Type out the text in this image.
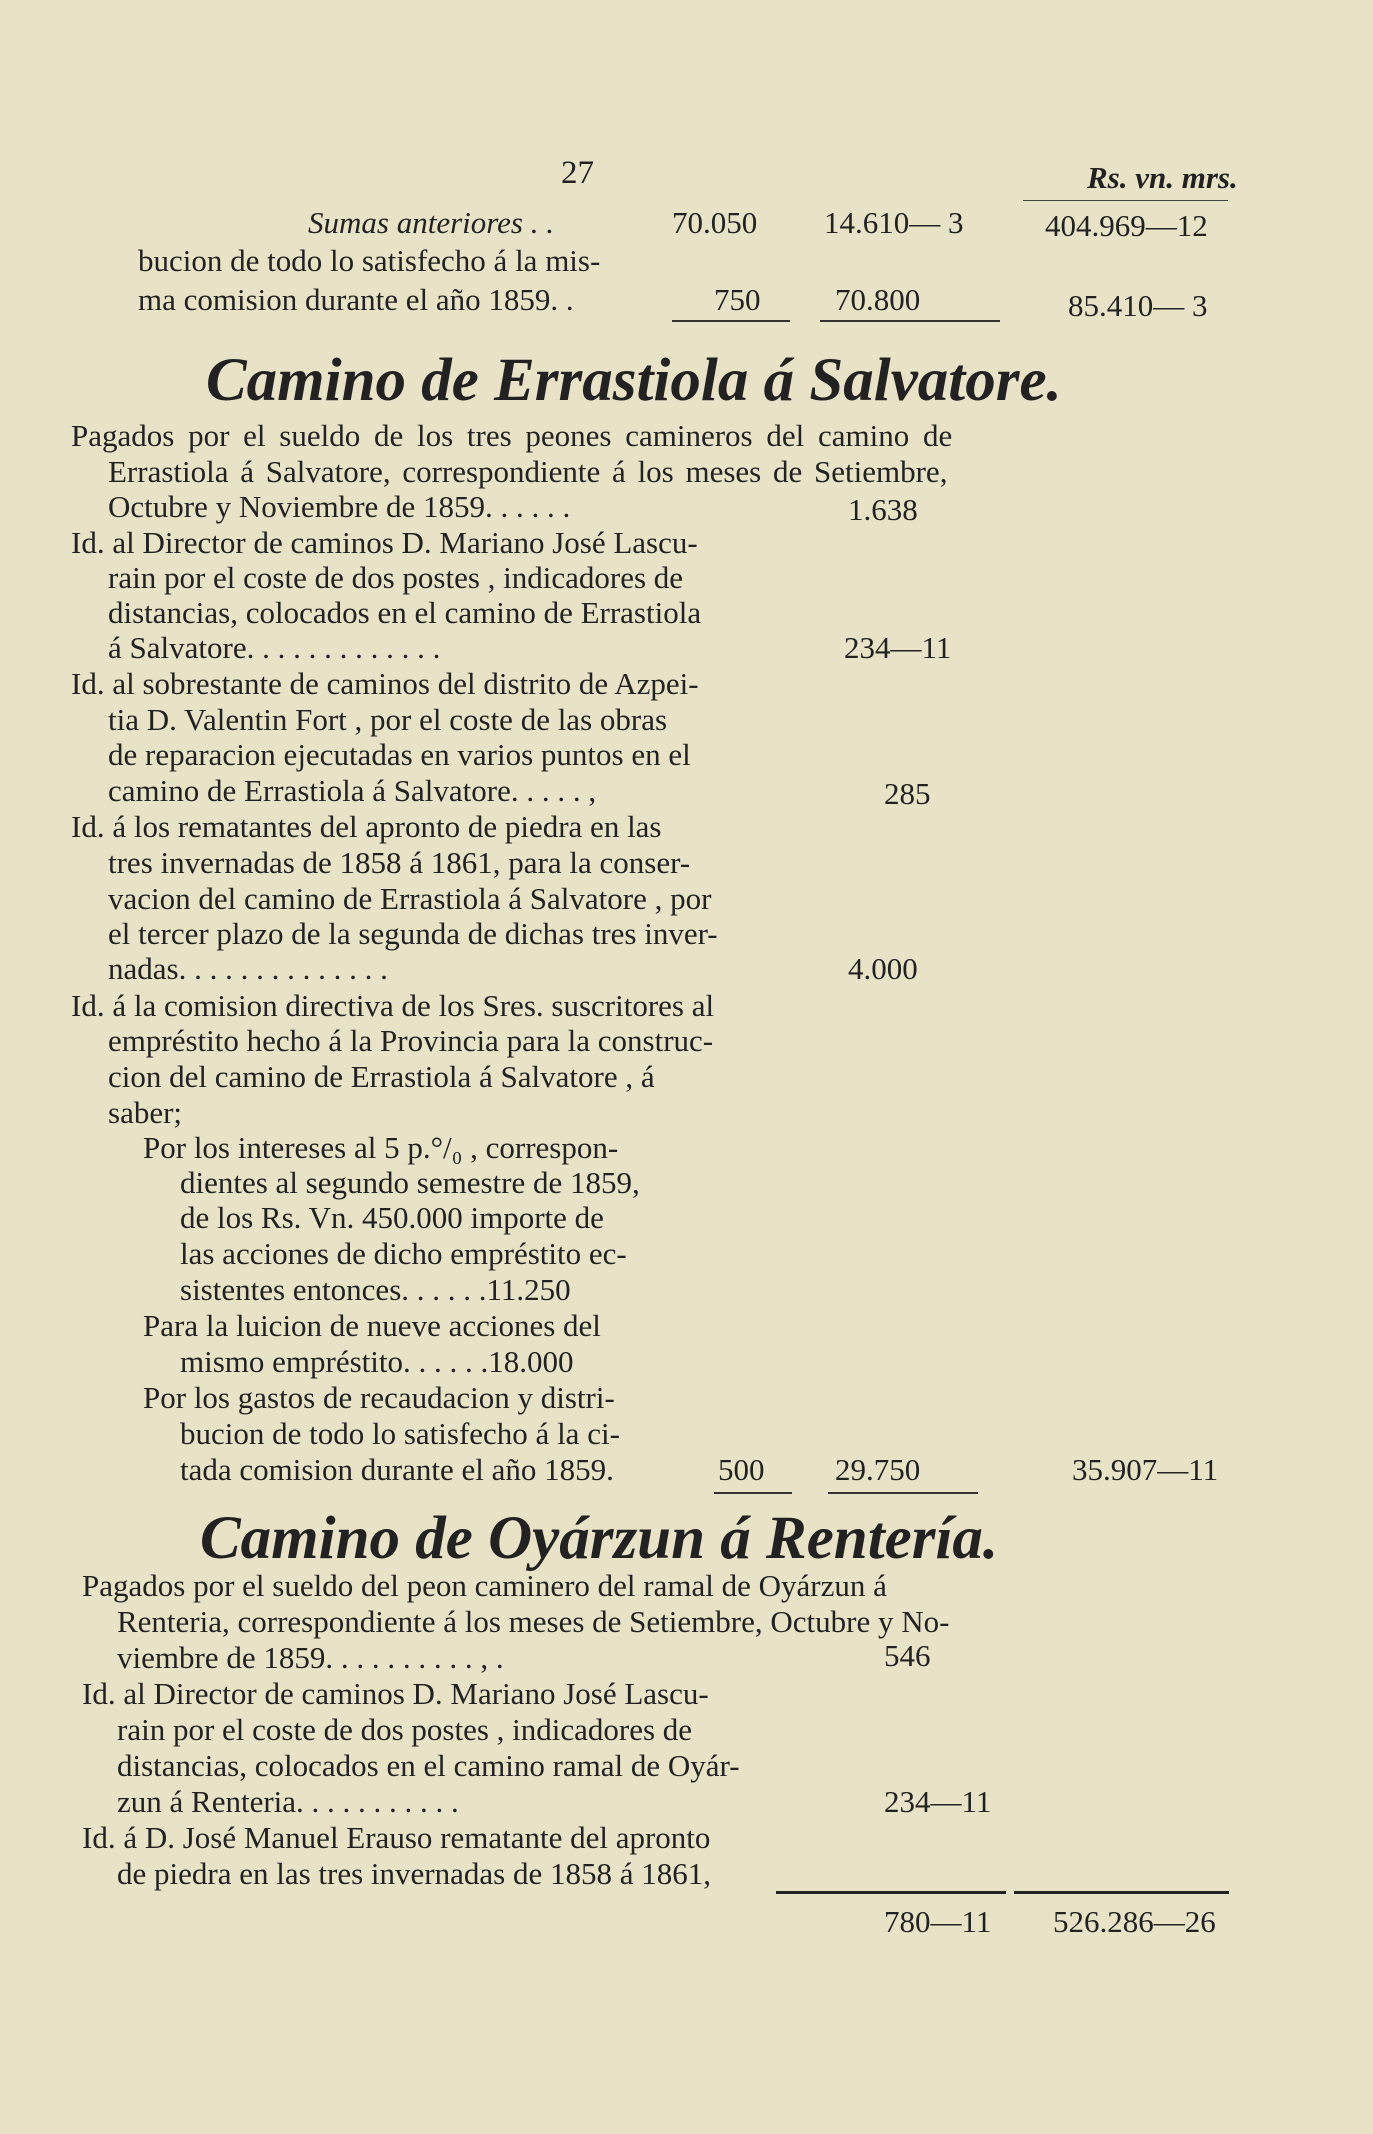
27	Rs. vn. mrs.
Sumas anteriores . .	70.050 14.610— 3	404.969—12
bucion de todo lo satisfecho á la mis-
ma comision durante el año 1859. .	750 70.800	85.410— 3
Camino de Errastiola á Salvatore.
Pagados por el sueldo de los tres peones camineros del camino de
Errastiola á Salvatore, correspondiente á los meses de Setiembre,
Octubre y Noviembre de 1859. . . . . .	1.638
Id. al Director de caminos D. Mariano José Lascu-
rain por el coste de dos postes , indicadores de
distancias, colocados en el camino de Errastiola
á Salvatore. . . . . . . . . . . . .	234—11
Id. al sobrestante de caminos del distrito de Azpei-
tia D. Valentin Fort , por el coste de las obras
de reparacion ejecutadas en varios puntos en el
camino de Errastiola á Salvatore. . . . . ,	285
Id. á los rematantes del apronto de piedra en las
tres invernadas de 1858 á 1861, para la conser-
vacion del camino de Errastiola á Salvatore , por
el tercer plazo de la segunda de dichas tres inver-
nadas. . . . . . . . . . . . . .	4.000
Id. á la comision directiva de los Sres. suscritores al
empréstito hecho á la Provincia para la construc-
cion del camino de Errastiola á Salvatore , á
saber;
Por los intereses al 5 p.°/₀ , correspon-
dientes al segundo semestre de 1859,
de los Rs. Vn. 450.000 importe de
las acciones de dicho empréstito ec-
sistentes entonces. . . . . .11.250
Para la luicion de nueve acciones del
mismo empréstito. . . . . .18.000
Por los gastos de recaudacion y distri-
bucion de todo lo satisfecho á la ci-
tada comision durante el año 1859.	500 29.750	35.907—11
Camino de Oyárzun á Rentería.
Pagados por el sueldo del peon caminero del ramal de Oyárzun á
Renteria, correspondiente á los meses de Setiembre, Octubre y No-
viembre de 1859. . . . . . . . . . , .	546
Id. al Director de caminos D. Mariano José Lascu-
rain por el coste de dos postes , indicadores de
distancias, colocados en el camino ramal de Oyár-
zun á Renteria. . . . . . . . . . .	234—11
Id. á D. José Manuel Erauso rematante del apronto
de piedra en las tres invernadas de 1858 á 1861,
780—11 526.286—26
